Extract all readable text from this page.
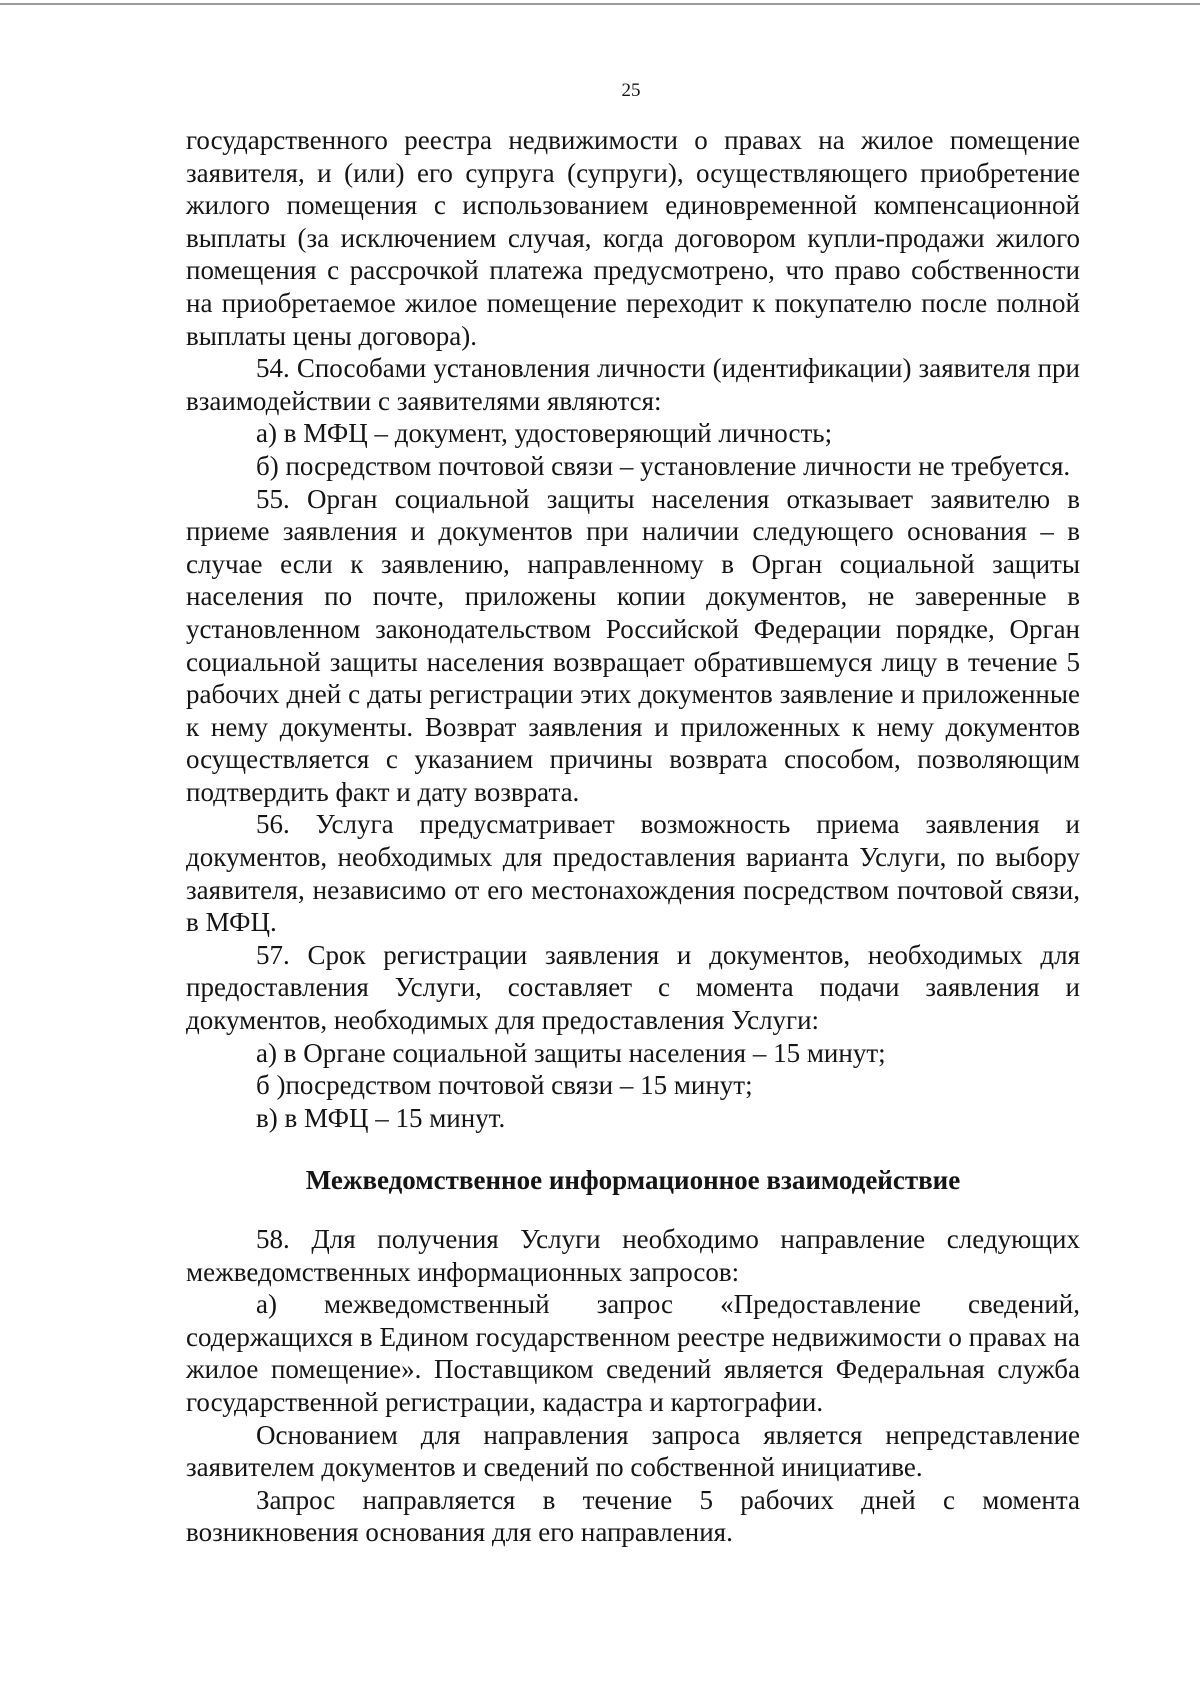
25

государственного реестра недвижимости о правах на жилое помещение заявителя, и (или) его супруга (супруги), осуществляющего приобретение жилого помещения с использованием единовременной компенсационной выплаты (за исключением случая, когда договором купли-продажи жилого помещения с рассрочкой платежа предусмотрено, что право собственности на приобретаемое жилое помещение переходит к покупателю после полной выплаты цены договора).

54. Способами установления личности (идентификации) заявителя при взаимодействии с заявителями являются:

а) в МФЦ – документ, удостоверяющий личность;

б) посредством почтовой связи – установление личности не требуется.

55. Орган социальной защиты населения отказывает заявителю в приеме заявления и документов при наличии следующего основания – в случае если к заявлению, направленному в Орган социальной защиты населения по почте, приложены копии документов, не заверенные в установленном законодательством Российской Федерации порядке, Орган социальной защиты населения возвращает обратившемуся лицу в течение 5 рабочих дней с даты регистрации этих документов заявление и приложенные к нему документы. Возврат заявления и приложенных к нему документов осуществляется с указанием причины возврата способом, позволяющим подтвердить факт и дату возврата.

56. Услуга предусматривает возможность приема заявления и документов, необходимых для предоставления варианта Услуги, по выбору заявителя, независимо от его местонахождения посредством почтовой связи, в МФЦ.

57. Срок регистрации заявления и документов, необходимых для предоставления Услуги, составляет с момента подачи заявления и документов, необходимых для предоставления Услуги:

а) в Органе социальной защиты населения – 15 минут;

б )посредством почтовой связи – 15 минут;

в) в МФЦ – 15 минут.

Межведомственное информационное взаимодействие

58. Для получения Услуги необходимо направление следующих межведомственных информационных запросов:

а) межведомственный запрос «Предоставление сведений, содержащихся в Едином государственном реестре недвижимости о правах на жилое помещение». Поставщиком сведений является Федеральная служба государственной регистрации, кадастра и картографии.

Основанием для направления запроса является непредставление заявителем документов и сведений по собственной инициативе.

Запрос направляется в течение 5 рабочих дней с момента возникновения основания для его направления.
